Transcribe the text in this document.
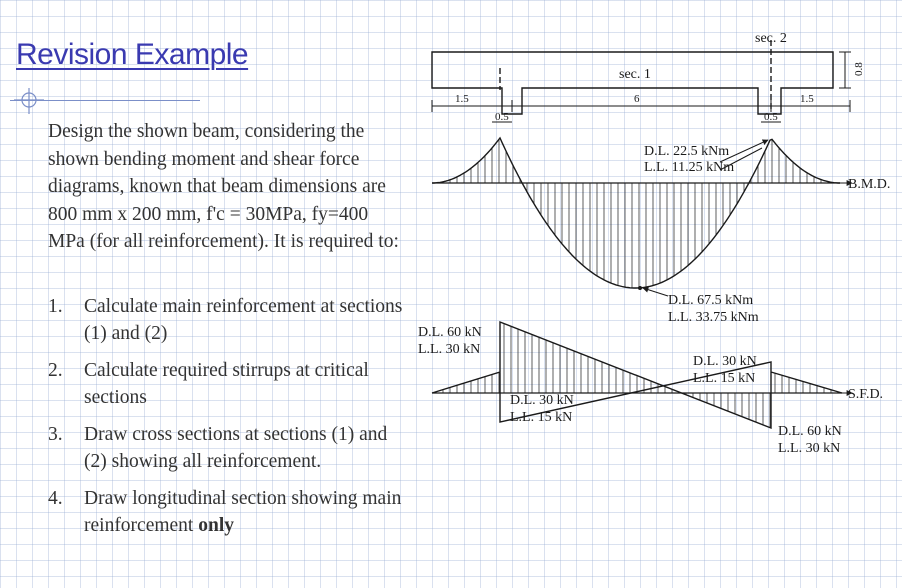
Revision Example

Design the shown beam, considering the shown bending moment and shear force diagrams, known that beam dimensions are 800 mm x 200 mm, f'c = 30MPa, fy=400 MPa (for all reinforcement). It is required to:

1. Calculate main reinforcement at sections (1) and (2)
2. Calculate required stirrups at critical sections
3. Draw cross sections at sections (1) and (2) showing all reinforcement.
4. Draw longitudinal section showing main reinforcement only
sec. 1
sec. 2
1.5	6	1.5
0.5	0.5
0.8
B.M.D.
D.L. 22.5 kNm
L.L. 11.25 kNm
D.L. 67.5 kNm
L.L. 33.75 kNm
S.F.D.
D.L. 60 kN
L.L. 30 kN
D.L. 30 kN
L.L. 15 kN
D.L. 30 kN
L.L. 15 kN
D.L. 60 kN
L.L. 30 kN
